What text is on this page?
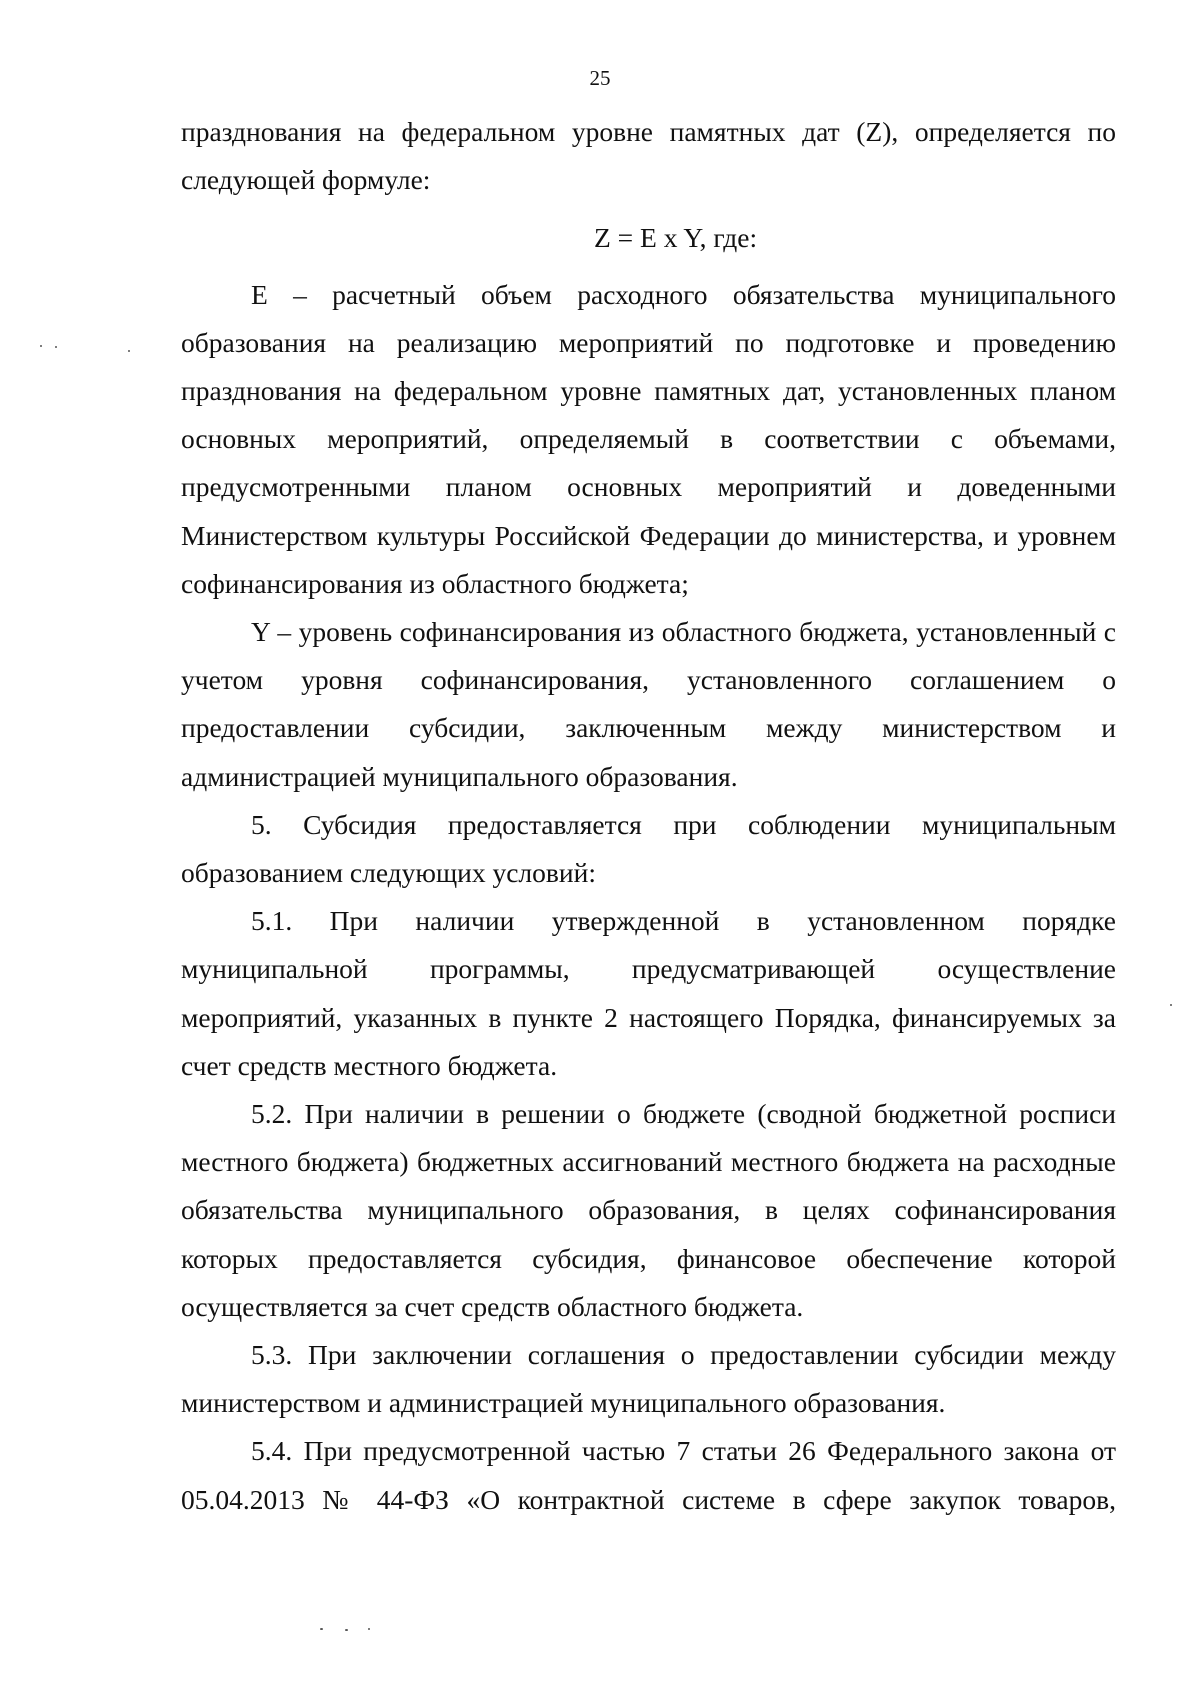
25

празднования на федеральном уровне памятных дат (Z), определяется по следующей формуле:

Z = E x Y, где:

Е – расчетный объем расходного обязательства муниципального образования на реализацию мероприятий по подготовке и проведению празднования на федеральном уровне памятных дат, установленных планом основных мероприятий, определяемый в соответствии с объемами, предусмотренными планом основных мероприятий и доведенными Министерством культуры Российской Федерации до министерства, и уровнем софинансирования из областного бюджета;

Y – уровень софинансирования из областного бюджета, установленный с учетом уровня софинансирования, установленного соглашением о предоставлении субсидии, заключенным между министерством и администрацией муниципального образования.

5. Субсидия предоставляется при соблюдении муниципальным образованием следующих условий:

5.1. При наличии утвержденной в установленном порядке муниципальной программы, предусматривающей осуществление мероприятий, указанных в пункте 2 настоящего Порядка, финансируемых за счет средств местного бюджета.

5.2. При наличии в решении о бюджете (сводной бюджетной росписи местного бюджета) бюджетных ассигнований местного бюджета на расходные обязательства муниципального образования, в целях софинансирования которых предоставляется субсидия, финансовое обеспечение которой осуществляется за счет средств областного бюджета.

5.3. При заключении соглашения о предоставлении субсидии между министерством и администрацией муниципального образования.

5.4. При предусмотренной частью 7 статьи 26 Федерального закона от 05.04.2013 № 44-ФЗ «О контрактной системе в сфере закупок товаров,
